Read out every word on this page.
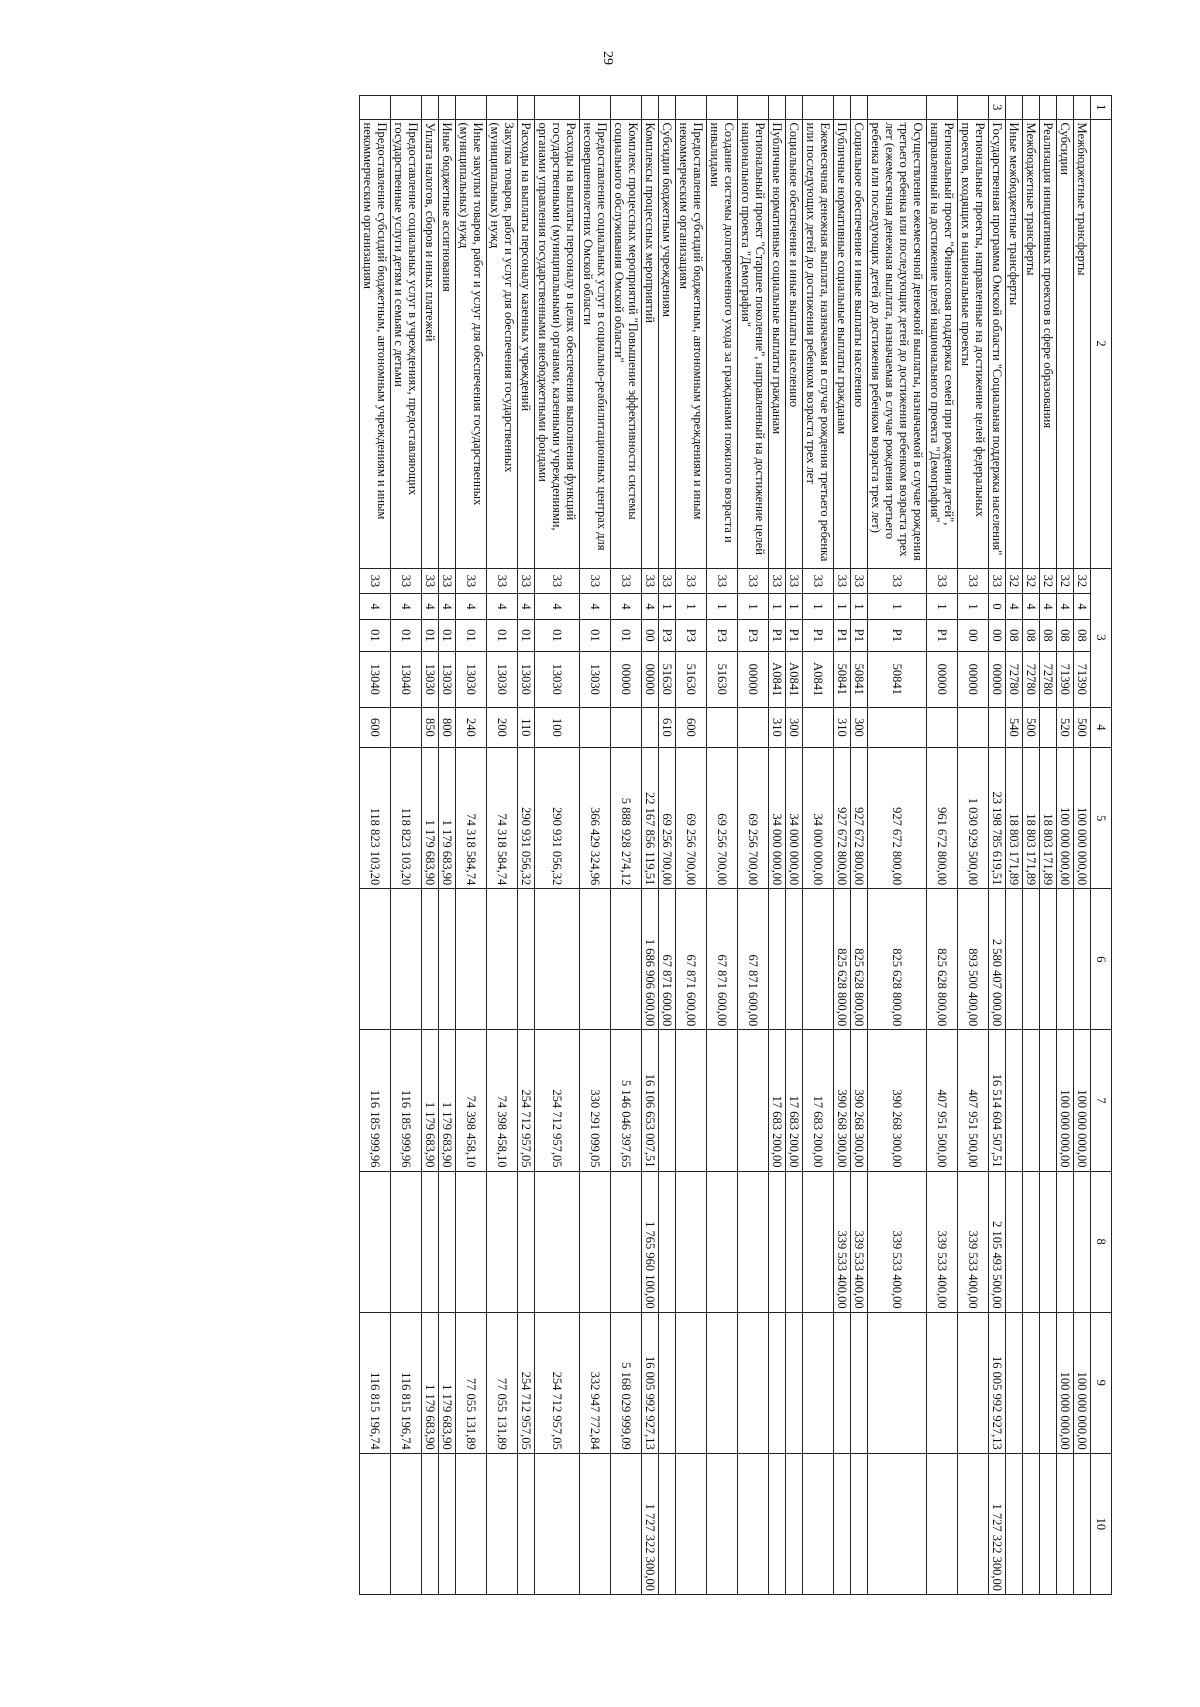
29
1	2	3				4	5	6	7	8	9	10
	Межбюджетные трансферты	32	4	08	71390	500	100 000 000,00		100 000 000,00		100 000 000,00	
	Субсидии	32	4	08	71390	520	100 000 000,00		100 000 000,00		100 000 000,00	
	Реализация инициативных проектов в сфере образования	32	4	08	72780		18 803 171,89					
	Межбюджетные трансферты	32	4	08	72780	500	18 803 171,89					
	Иные межбюджетные трансферты	32	4	08	72780	540	18 803 171,89					
3	Государственная программа Омской области "Социальная поддержка населения"	33	0	00	00000		23 198 785 619,51	2 580 407 000,00	16 514 604 507,51	2 105 493 500,00	16 005 992 927,13	1 727 322 300,00
	Региональные проекты, направленные на достижение целей федеральных проектов, входящих в национальные проекты	33	1	00	00000		1 030 929 500,00	893 500 400,00	407 951 500,00	339 533 400,00		
	Региональный проект "Финансовая поддержка семей при рождении детей", направленный на достижение целей национального проекта "Демография"	33	1	P1	00000		961 672 800,00	825 628 800,00	407 951 500,00	339 533 400,00		
	Осуществление ежемесячной денежной выплаты, назначаемой в случае рождения третьего ребенка или последующих детей до достижения ребенком возраста трех лет (ежемесячная денежная выплата, назначаемая в случае рождения третьего ребенка или последующих детей до достижения ребенком возраста трех лет)	33	1	P1	50841		927 672 800,00	825 628 800,00	390 268 300,00	339 533 400,00		
	Социальное обеспечение и иные выплаты населению	33	1	P1	50841	300	927 672 800,00	825 628 800,00	390 268 300,00	339 533 400,00		
	Публичные нормативные социальные выплаты гражданам	33	1	P1	50841	310	927 672 800,00	825 628 800,00	390 268 300,00	339 533 400,00		
	Ежемесячная денежная выплата, назначаемая в случае рождения третьего ребенка или последующих детей до достижения ребенком возраста трех лет	33	1	P1	A0841		34 000 000,00		17 683 200,00			
	Социальное обеспечение и иные выплаты населению	33	1	P1	A0841	300	34 000 000,00		17 683 200,00			
	Публичные нормативные социальные выплаты гражданам	33	1	P1	A0841	310	34 000 000,00		17 683 200,00			
	Региональный проект "Старшее поколение", направленный на достижение целей национального проекта "Демография"	33	1	P3	00000		69 256 700,00	67 871 600,00				
	Создание системы долговременного ухода за гражданами пожилого возраста и инвалидами	33	1	P3	51630		69 256 700,00	67 871 600,00				
	Предоставление субсидий бюджетным, автономным учреждениям и иным некоммерческим организациям	33	1	P3	51630	600	69 256 700,00	67 871 600,00				
	Субсидии бюджетным учреждениям	33	1	P3	51630	610	69 256 700,00	67 871 600,00				
	Комплексы процессных мероприятий	33	4	00	00000		22 167 856 119,51	1 686 906 600,00	16 106 653 007,51	1 765 960 100,00	16 005 992 927,13	1 727 322 300,00
	Комплекс процессных мероприятий "Повышение эффективности системы социального обслуживания Омской области"	33	4	01	00000		5 888 928 274,12		5 146 046 397,65		5 168 029 999,09	
	Предоставление социальных услуг в социально-реабилитационных центрах для несовершеннолетних Омской области	33	4	01	13030		366 429 324,96		330 291 099,05		332 947 772,84	
	Расходы на выплаты персоналу в целях обеспечения выполнения функций государственными (муниципальными) органами, казенными учреждениями, органами управления государственными внебюджетными фондами	33	4	01	13030	100	290 931 056,32		254 712 957,05		254 712 957,05	
	Расходы на выплаты персоналу казенных учреждений	33	4	01	13030	110	290 931 056,32		254 712 957,05		254 712 957,05	
	Закупка товаров, работ и услуг для обеспечения государственных (муниципальных) нужд	33	4	01	13030	200	74 318 584,74		74 398 458,10		77 055 131,89	
	Иные закупки товаров, работ и услуг для обеспечения государственных (муниципальных) нужд	33	4	01	13030	240	74 318 584,74		74 398 458,10		77 055 131,89	
	Иные бюджетные ассигнования	33	4	01	13030	800	1 179 683,90		1 179 683,90		1 179 683,90	
	Уплата налогов, сборов и иных платежей	33	4	01	13030	850	1 179 683,90		1 179 683,90		1 179 683,90	
	Предоставление социальных услуг в учреждениях, предоставляющих государственные услуги детям и семьям с детьми	33	4	01	13040		118 823 103,20		116 185 999,96		116 815 196,74	
	Предоставление субсидий бюджетным, автономным учреждениям и иным некоммерческим организациям	33	4	01	13040	600	118 823 103,20		116 185 999,96		116 815 196,74	
